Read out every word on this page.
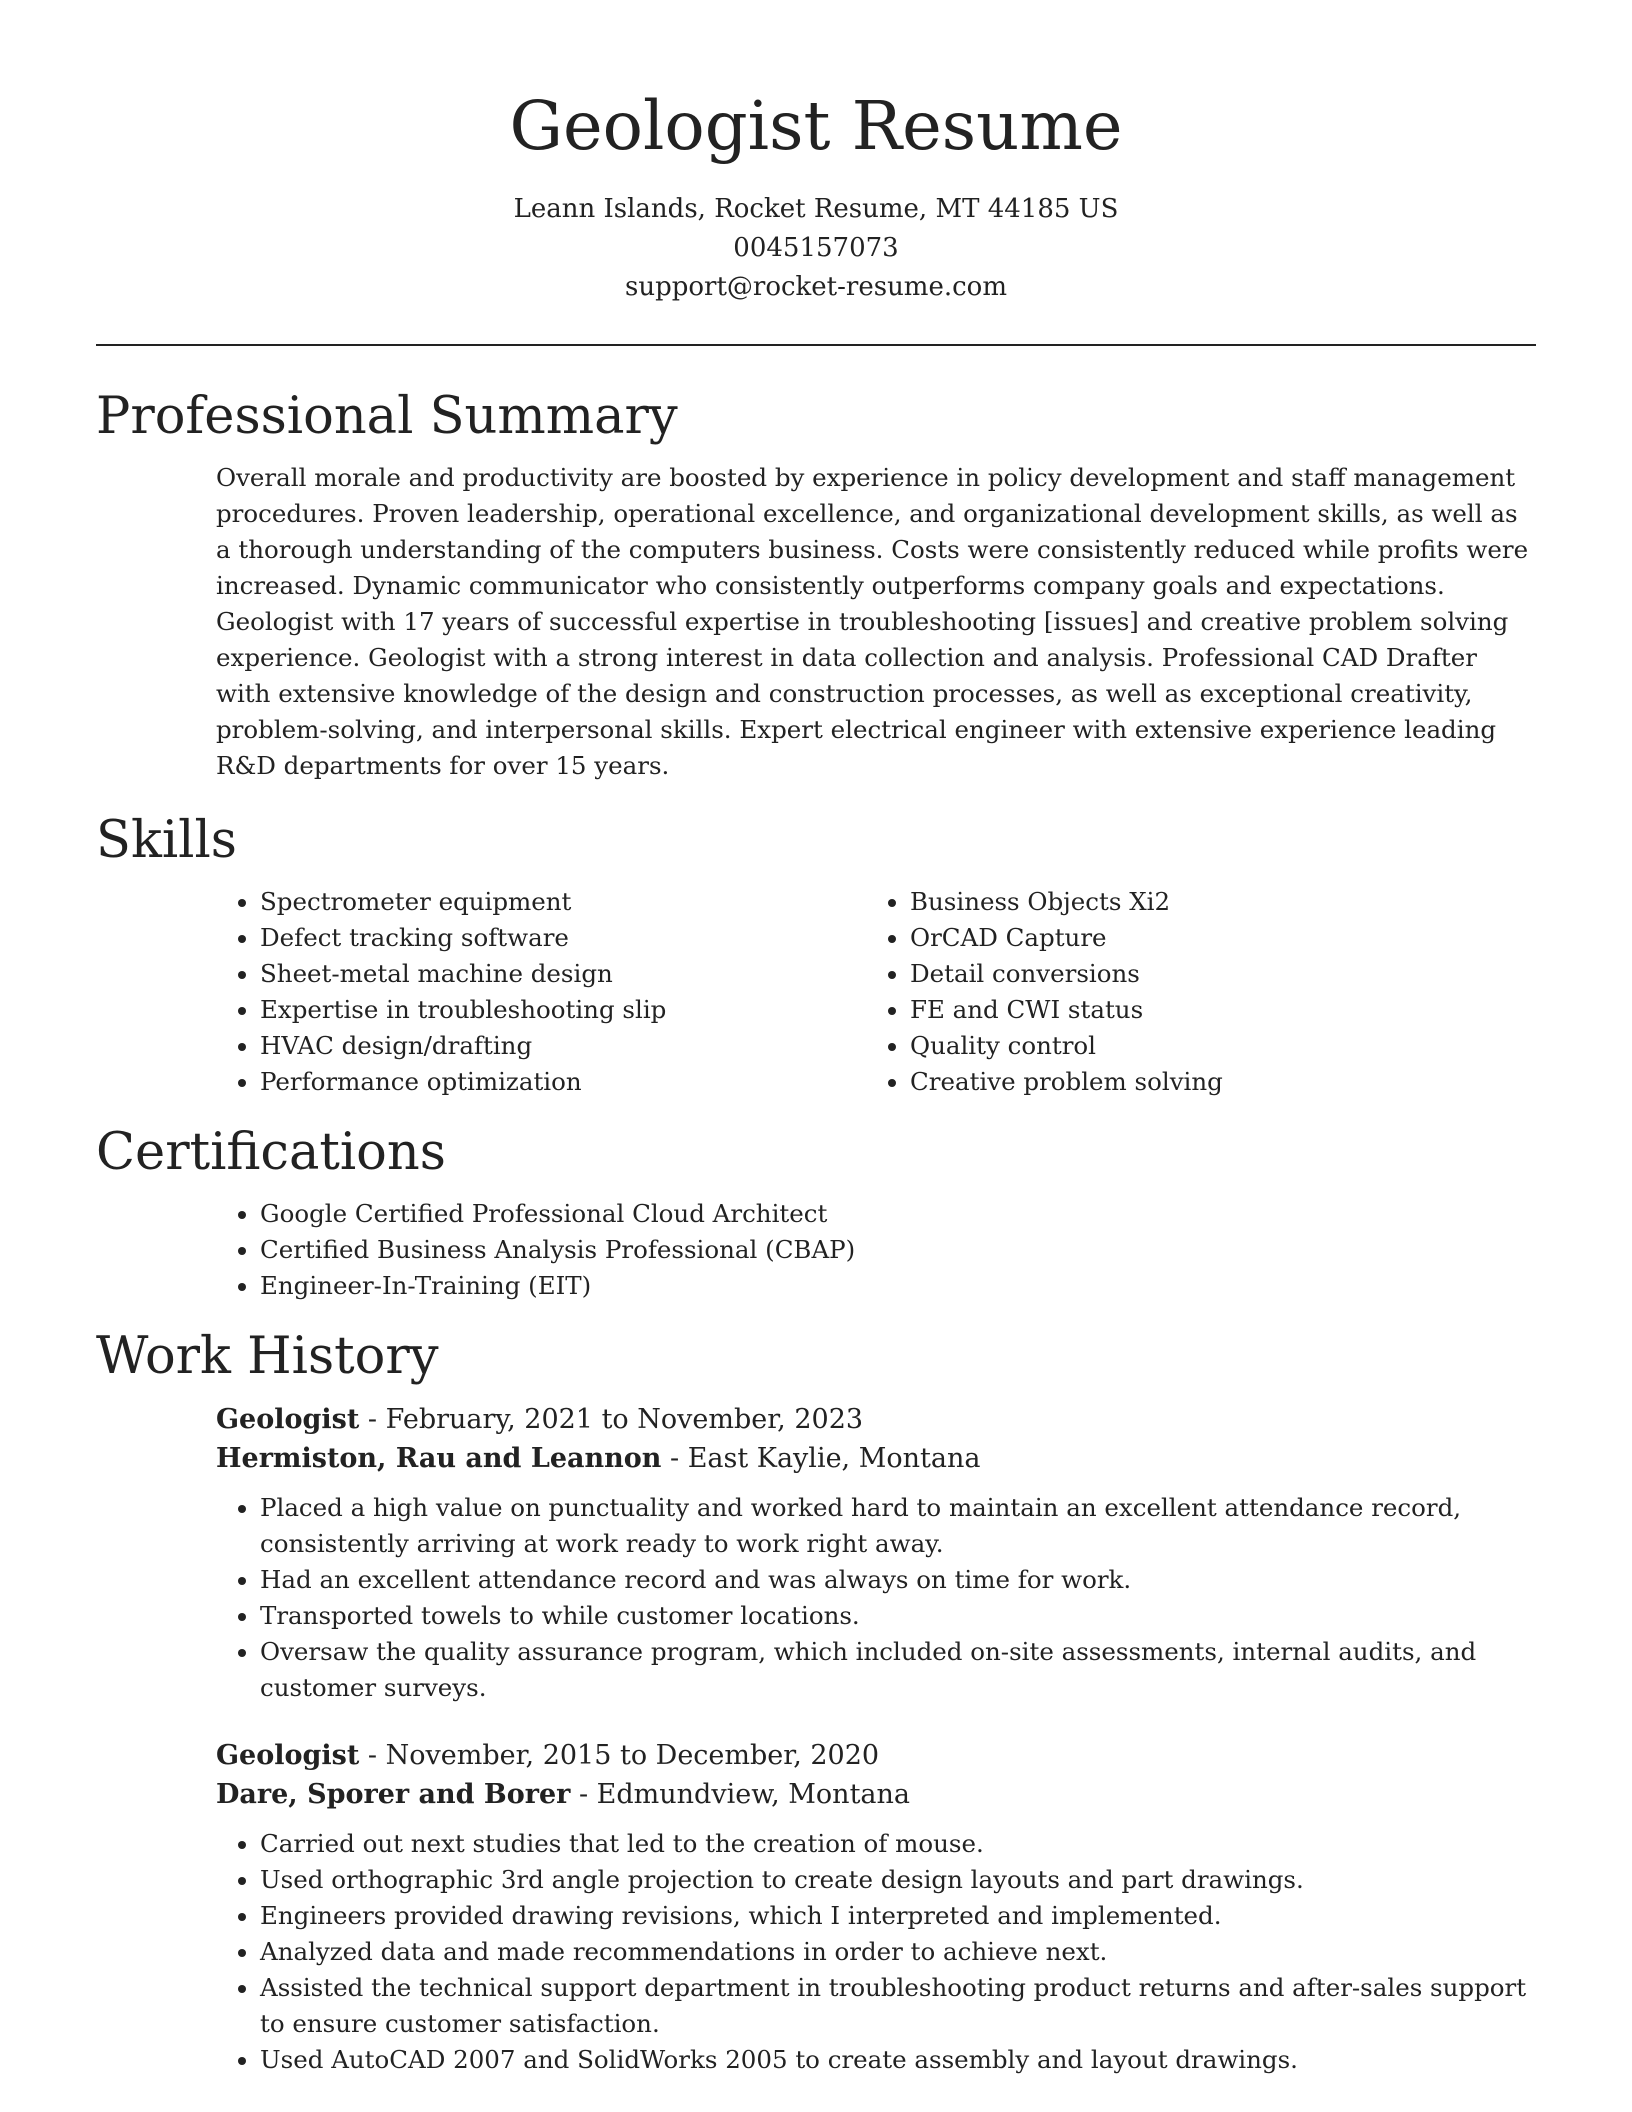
Geologist Resume
Leann Islands, Rocket Resume, MT 44185 US
0045157073
support@rocket-resume.com
Professional Summary
Overall morale and productivity are boosted by experience in policy development and staff management procedures. Proven leadership, operational excellence, and organizational development skills, as well as a thorough understanding of the computers business. Costs were consistently reduced while profits were increased. Dynamic communicator who consistently outperforms company goals and expectations. Geologist with 17 years of successful expertise in troubleshooting [issues] and creative problem solving experience. Geologist with a strong interest in data collection and analysis. Professional CAD Drafter with extensive knowledge of the design and construction processes, as well as exceptional creativity, problem-solving, and interpersonal skills. Expert electrical engineer with extensive experience leading R&D departments for over 15 years.
Skills
• Spectrometer equipment
• Defect tracking software
• Sheet-metal machine design
• Expertise in troubleshooting slip
• HVAC design/drafting
• Performance optimization
• Business Objects Xi2
• OrCAD Capture
• Detail conversions
• FE and CWI status
• Quality control
• Creative problem solving
Certifications
• Google Certified Professional Cloud Architect
• Certified Business Analysis Professional (CBAP)
• Engineer-In-Training (EIT)
Work History
Geologist - February, 2021 to November, 2023
Hermiston, Rau and Leannon - East Kaylie, Montana
• Placed a high value on punctuality and worked hard to maintain an excellent attendance record, consistently arriving at work ready to work right away.
• Had an excellent attendance record and was always on time for work.
• Transported towels to while customer locations.
• Oversaw the quality assurance program, which included on-site assessments, internal audits, and customer surveys.
Geologist - November, 2015 to December, 2020
Dare, Sporer and Borer - Edmundview, Montana
• Carried out next studies that led to the creation of mouse.
• Used orthographic 3rd angle projection to create design layouts and part drawings.
• Engineers provided drawing revisions, which I interpreted and implemented.
• Analyzed data and made recommendations in order to achieve next.
• Assisted the technical support department in troubleshooting product returns and after-sales support to ensure customer satisfaction.
• Used AutoCAD 2007 and SolidWorks 2005 to create assembly and layout drawings.
